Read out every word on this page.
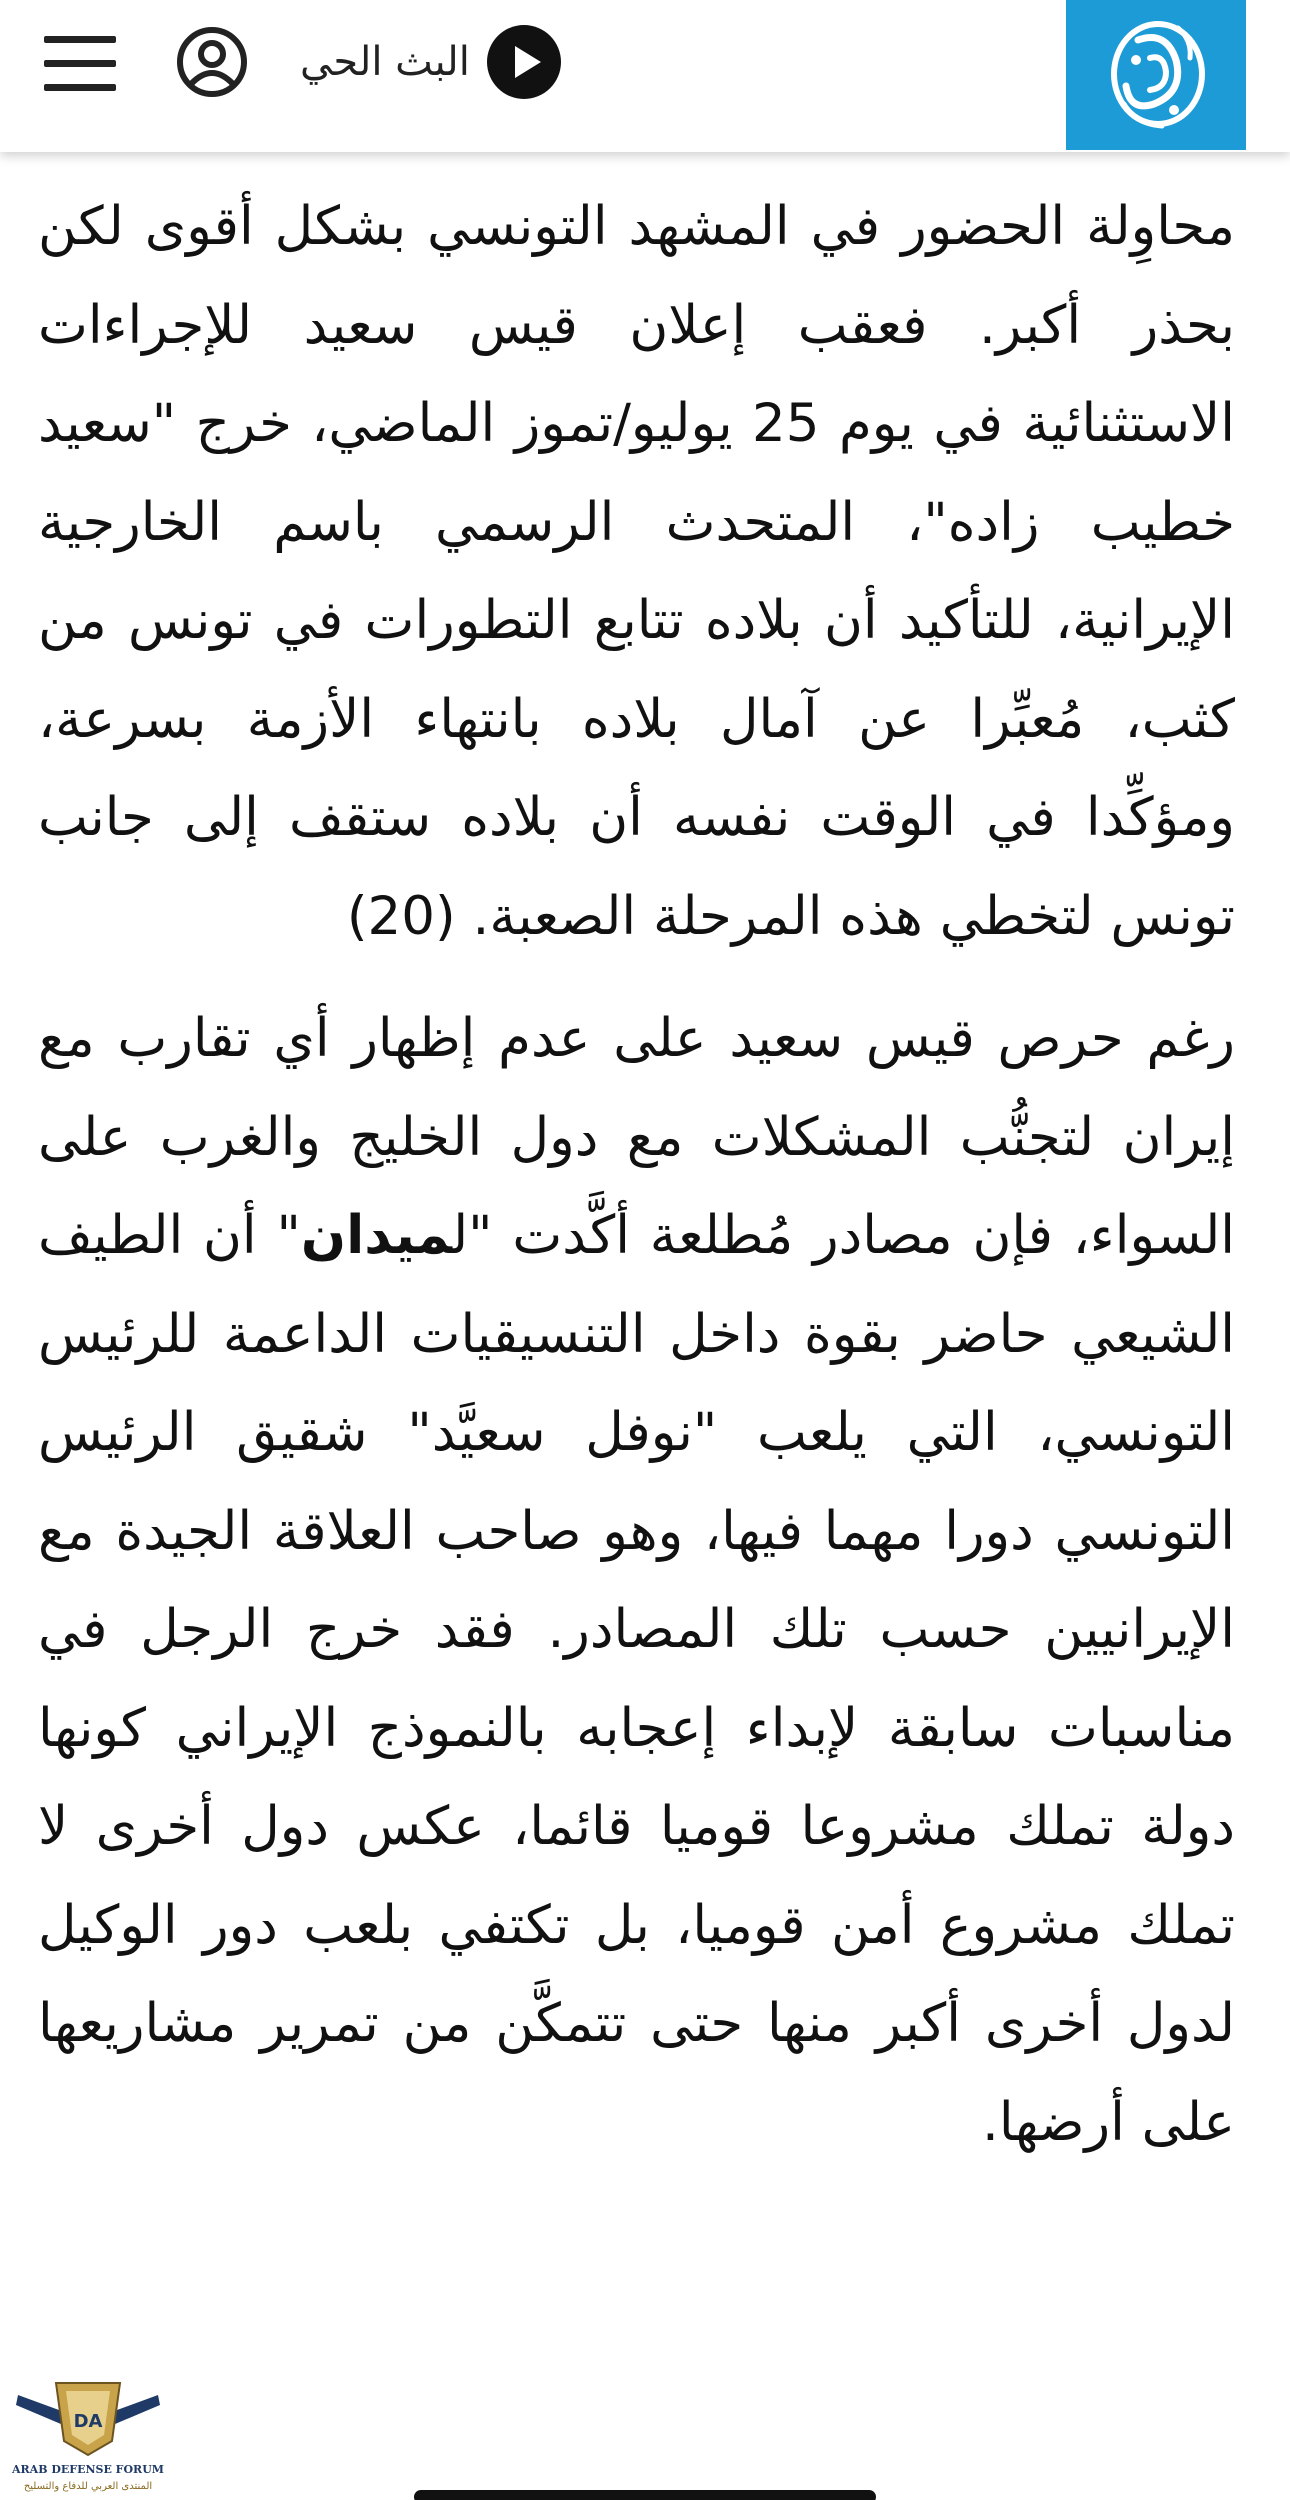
البث الحي

محاوِلة الحضور في المشهد التونسي بشكل أقوى لكن بحذر أكبر. فعقب إعلان قيس سعيد للإجراءات الاستثنائية في يوم 25 يوليو/تموز الماضي، خرج "سعيد خطيب زاده"، المتحدث الرسمي باسم الخارجية الإيرانية، للتأكيد أن بلاده تتابع التطورات في تونس من كثب، مُعبِّرا عن آمال بلاده بانتهاء الأزمة بسرعة، ومؤكِّدا في الوقت نفسه أن بلاده ستقف إلى جانب تونس لتخطي هذه المرحلة الصعبة. (20)

رغم حرص قيس سعيد على عدم إظهار أي تقارب مع إيران لتجنُّب المشكلات مع دول الخليج والغرب على السواء، فإن مصادر مُطلعة أكَّدت "لميدان" أن الطيف الشيعي حاضر بقوة داخل التنسيقيات الداعمة للرئيس التونسي، التي يلعب "نوفل سعيَّد" شقيق الرئيس التونسي دورا مهما فيها، وهو صاحب العلاقة الجيدة مع الإيرانيين حسب تلك المصادر. فقد خرج الرجل في مناسبات سابقة لإبداء إعجابه بالنموذج الإيراني كونها دولة تملك مشروعا قوميا قائما، عكس دول أخرى لا تملك مشروع أمن قوميا، بل تكتفي بلعب دور الوكيل لدول أخرى أكبر منها حتى تتمكَّن من تمرير مشاريعها على أرضها.

DA
ARAB DEFENSE FORUM
المنتدى العربي للدفاع والتسليح
